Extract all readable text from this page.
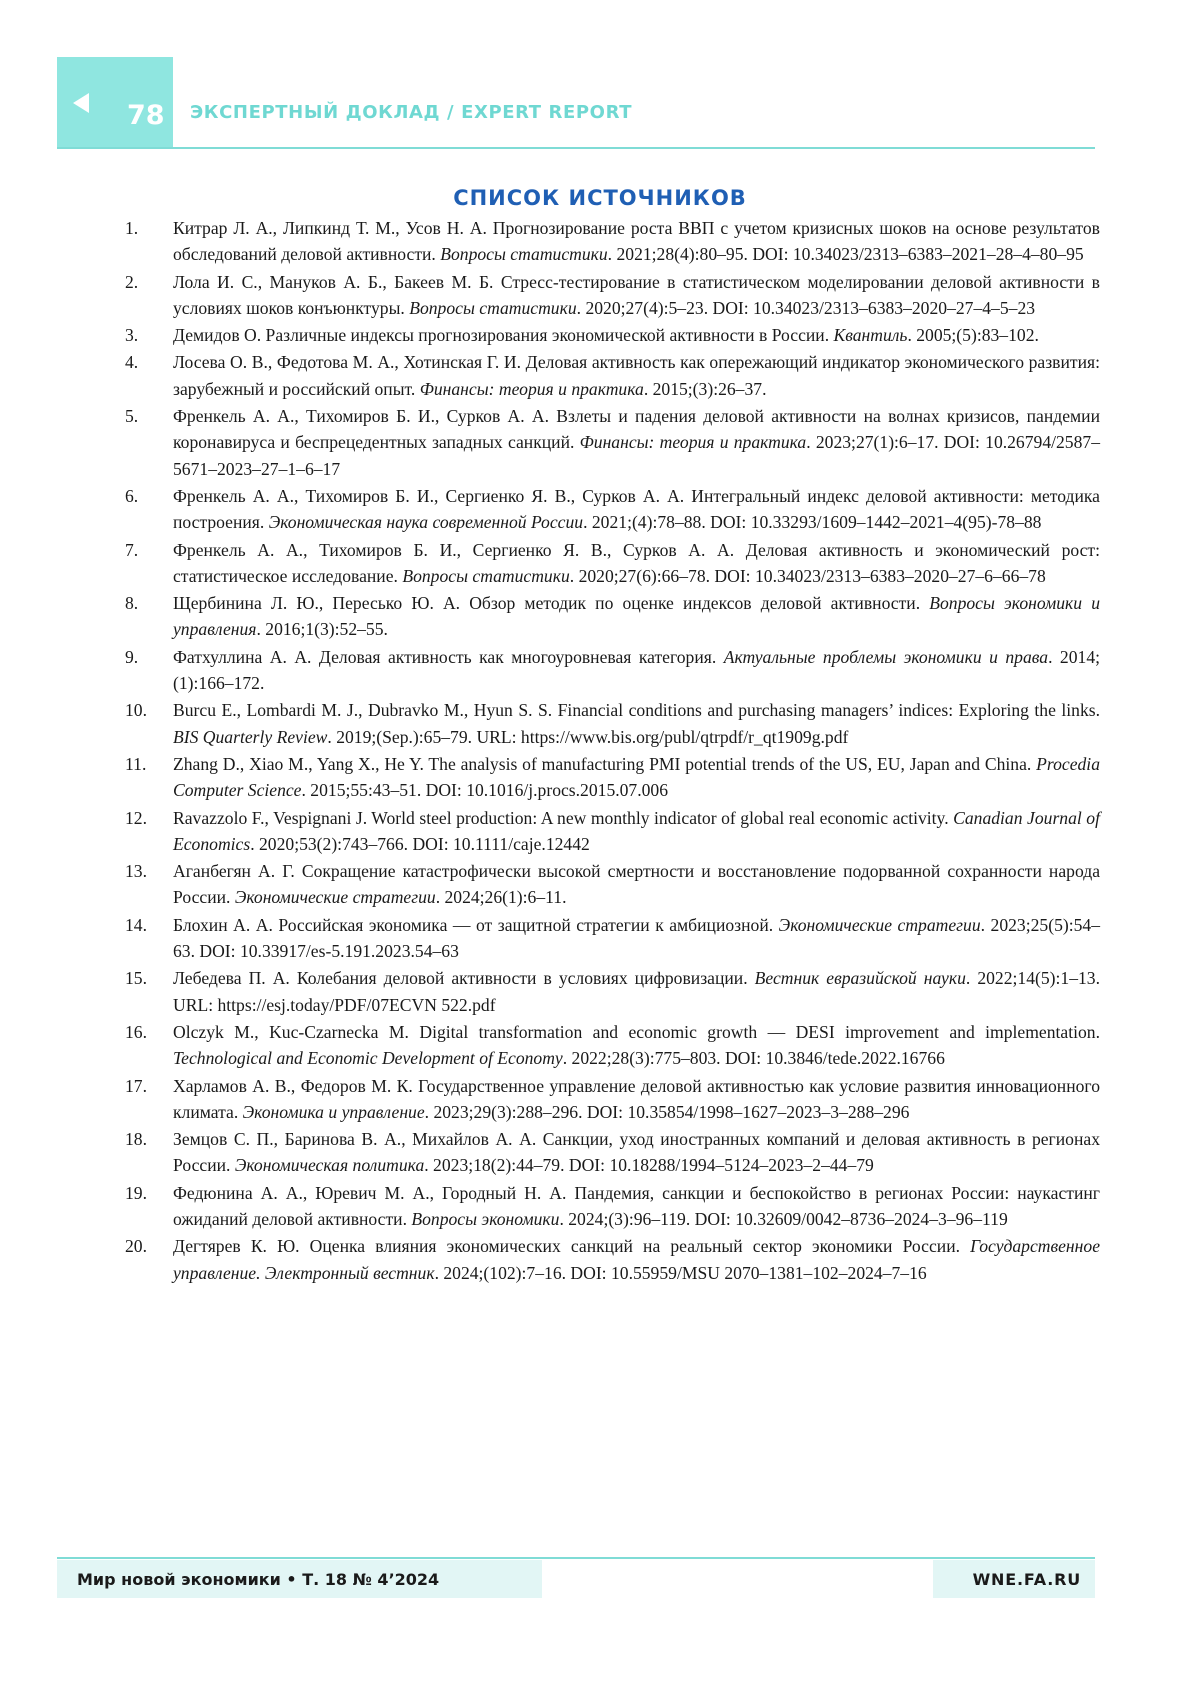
78 ЭКСПЕРТНЫЙ ДОКЛАД / EXPERT REPORT
СПИСОК ИСТОЧНИКОВ
1.	Китрар Л. А., Липкинд Т. М., Усов Н. А. Прогнозирование роста ВВП с учетом кризисных шоков на основе результатов обследований деловой активности. Вопросы статистики. 2021;28(4):80–95. DOI: 10.34023/2313–6383–2021–28–4–80–95
2.	Лола И. С., Мануков А. Б., Бакеев М. Б. Стресс-тестирование в статистическом моделировании деловой активности в условиях шоков конъюнктуры. Вопросы статистики. 2020;27(4):5–23. DOI: 10.34023/2313–6383–2020–27–4–5–23
3.	Демидов О. Различные индексы прогнозирования экономической активности в России. Квантиль. 2005;(5):83–102.
4.	Лосева О. В., Федотова М. А., Хотинская Г. И. Деловая активность как опережающий индикатор экономического развития: зарубежный и российский опыт. Финансы: теория и практика. 2015;(3):26–37.
5.	Френкель А. А., Тихомиров Б. И., Сурков А. А. Взлеты и падения деловой активности на волнах кризисов, пандемии коронавируса и беспрецедентных западных санкций. Финансы: теория и практика. 2023;27(1):6–17. DOI: 10.26794/2587–5671–2023–27–1–6–17
6.	Френкель А. А., Тихомиров Б. И., Сергиенко Я. В., Сурков А. А. Интегральный индекс деловой активности: методика построения. Экономическая наука современной России. 2021;(4):78–88. DOI: 10.33293/1609–1442–2021–4(95)-78–88
7.	Френкель А. А., Тихомиров Б. И., Сергиенко Я. В., Сурков А. А. Деловая активность и экономический рост: статистическое исследование. Вопросы статистики. 2020;27(6):66–78. DOI: 10.34023/2313–6383–2020–27–6–66–78
8.	Щербинина Л. Ю., Пересько Ю. А. Обзор методик по оценке индексов деловой активности. Вопросы экономики и управления. 2016;1(3):52–55.
9.	Фатхуллина А. А. Деловая активность как многоуровневая категория. Актуальные проблемы экономики и права. 2014;(1):166–172.
10.	Burcu E., Lombardi M. J., Dubravko M., Hyun S. S. Financial conditions and purchasing managers’ indices: Exploring the links. BIS Quarterly Review. 2019;(Sep.):65–79. URL: https://www.bis.org/publ/qtrpdf/r_qt1909g.pdf
11.	Zhang D., Xiao M., Yang X., He Y. The analysis of manufacturing PMI potential trends of the US, EU, Japan and China. Procedia Computer Science. 2015;55:43–51. DOI: 10.1016/j.procs.2015.07.006
12.	Ravazzolo F., Vespignani J. World steel production: A new monthly indicator of global real economic activity. Canadian Journal of Economics. 2020;53(2):743–766. DOI: 10.1111/caje.12442
13.	Аганбегян А. Г. Сокращение катастрофически высокой смертности и восстановление подорванной сохранности народа России. Экономические стратегии. 2024;26(1):6–11.
14.	Блохин А. А. Российская экономика — от защитной стратегии к амбициозной. Экономические стратегии. 2023;25(5):54–63. DOI: 10.33917/es-5.191.2023.54–63
15.	Лебедева П. А. Колебания деловой активности в условиях цифровизации. Вестник евразийской науки. 2022;14(5):1–13. URL: https://esj.today/PDF/07ECVN 522.pdf
16.	Olczyk M., Kuc-Czarnecka M. Digital transformation and economic growth — DESI improvement and implementation. Technological and Economic Development of Economy. 2022;28(3):775–803. DOI: 10.3846/tede.2022.16766
17.	Харламов А. В., Федоров М. К. Государственное управление деловой активностью как условие развития инновационного климата. Экономика и управление. 2023;29(3):288–296. DOI: 10.35854/1998–1627–2023–3–288–296
18.	Земцов С. П., Баринова В. А., Михайлов А. А. Санкции, уход иностранных компаний и деловая активность в регионах России. Экономическая политика. 2023;18(2):44–79. DOI: 10.18288/1994–5124–2023–2–44–79
19.	Федюнина А. А., Юревич М. А., Городный Н. А. Пандемия, санкции и беспокойство в регионах России: наукастинг ожиданий деловой активности. Вопросы экономики. 2024;(3):96–119. DOI: 10.32609/0042–8736–2024–3–96–119
20.	Дегтярев К. Ю. Оценка влияния экономических санкций на реальный сектор экономики России. Государственное управление. Электронный вестник. 2024;(102):7–16. DOI: 10.55959/MSU 2070–1381–102–2024–7–16
Мир новой экономики • Т. 18 № 4’2024	WNE.FA.RU
